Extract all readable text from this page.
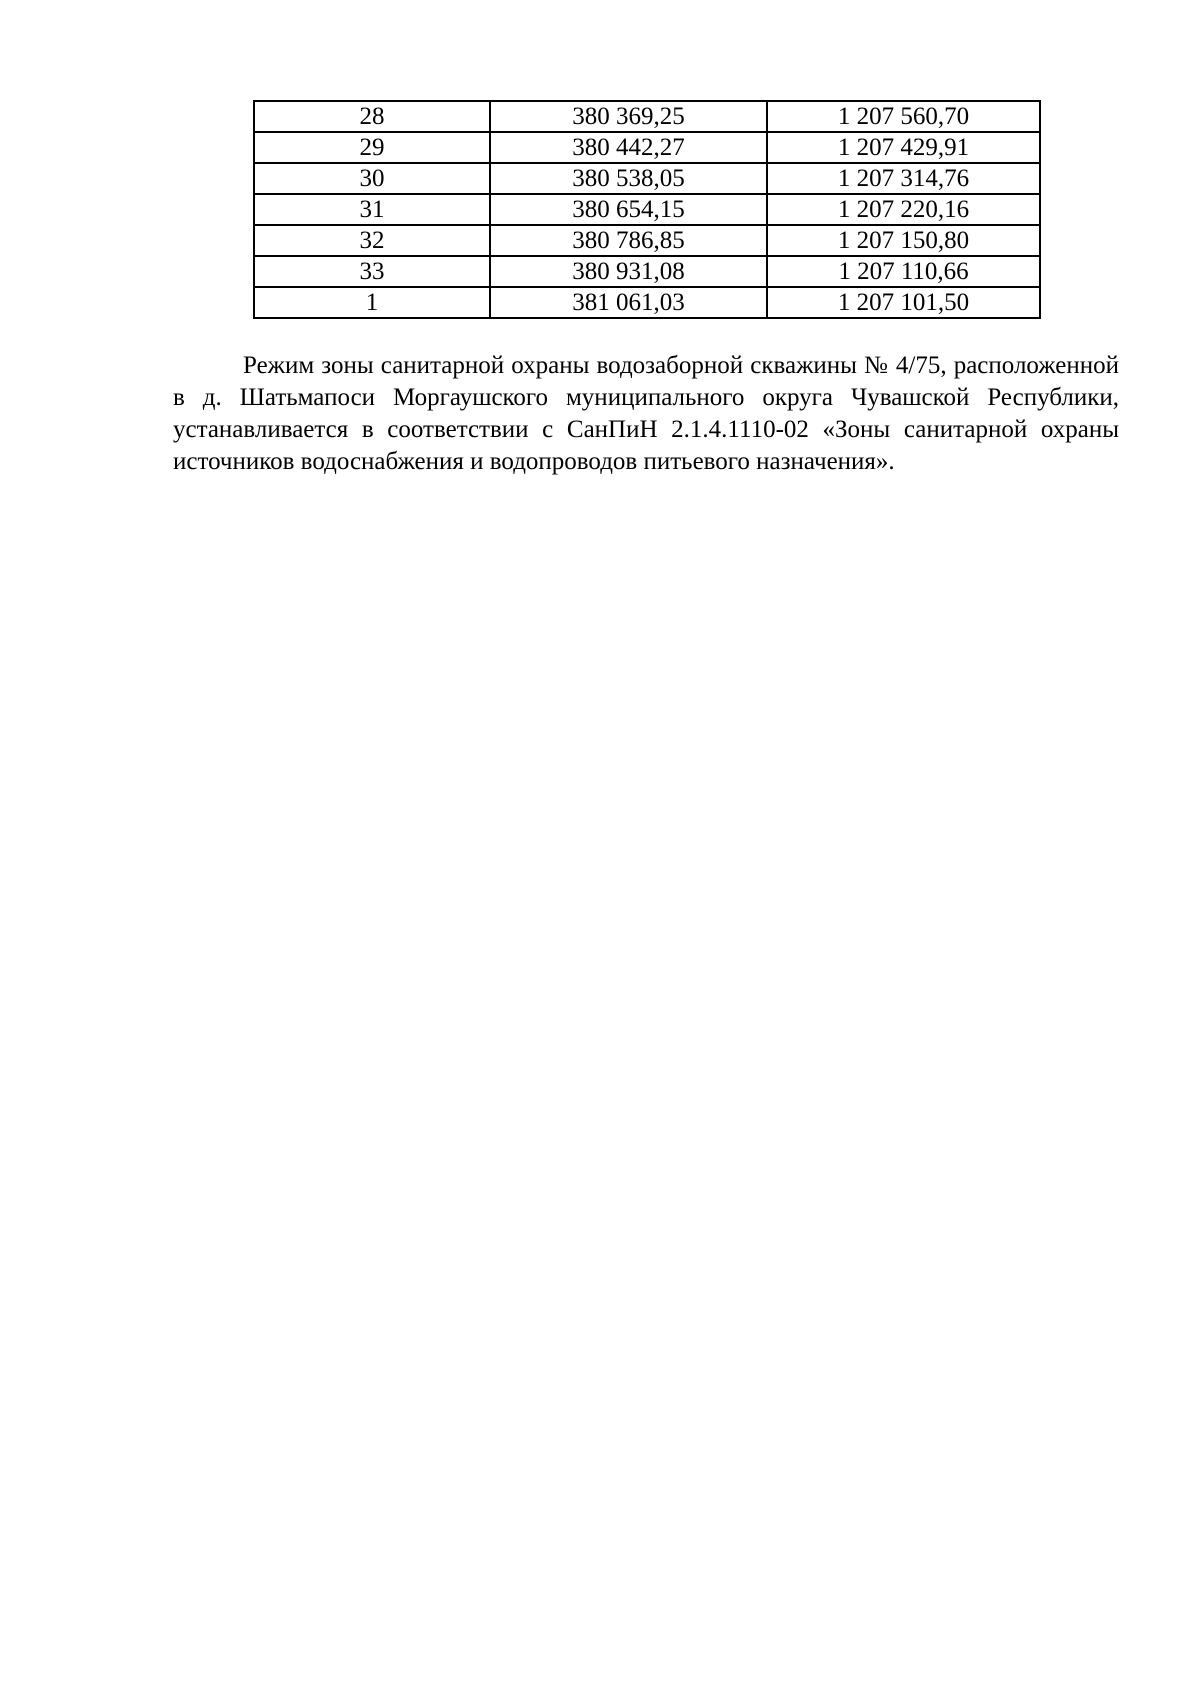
28	380 369,25	1 207 560,70
29	380 442,27	1 207 429,91
30	380 538,05	1 207 314,76
31	380 654,15	1 207 220,16
32	380 786,85	1 207 150,80
33	380 931,08	1 207 110,66
1	381 061,03	1 207 101,50

Режим зоны санитарной охраны водозаборной скважины № 4/75, расположенной в д. Шатьмапоси Моргаушского муниципального округа Чувашской Республики, устанавливается в соответствии с СанПиН 2.1.4.1110-02 «Зоны санитарной охраны источников водоснабжения и водопроводов питьевого назначения».
